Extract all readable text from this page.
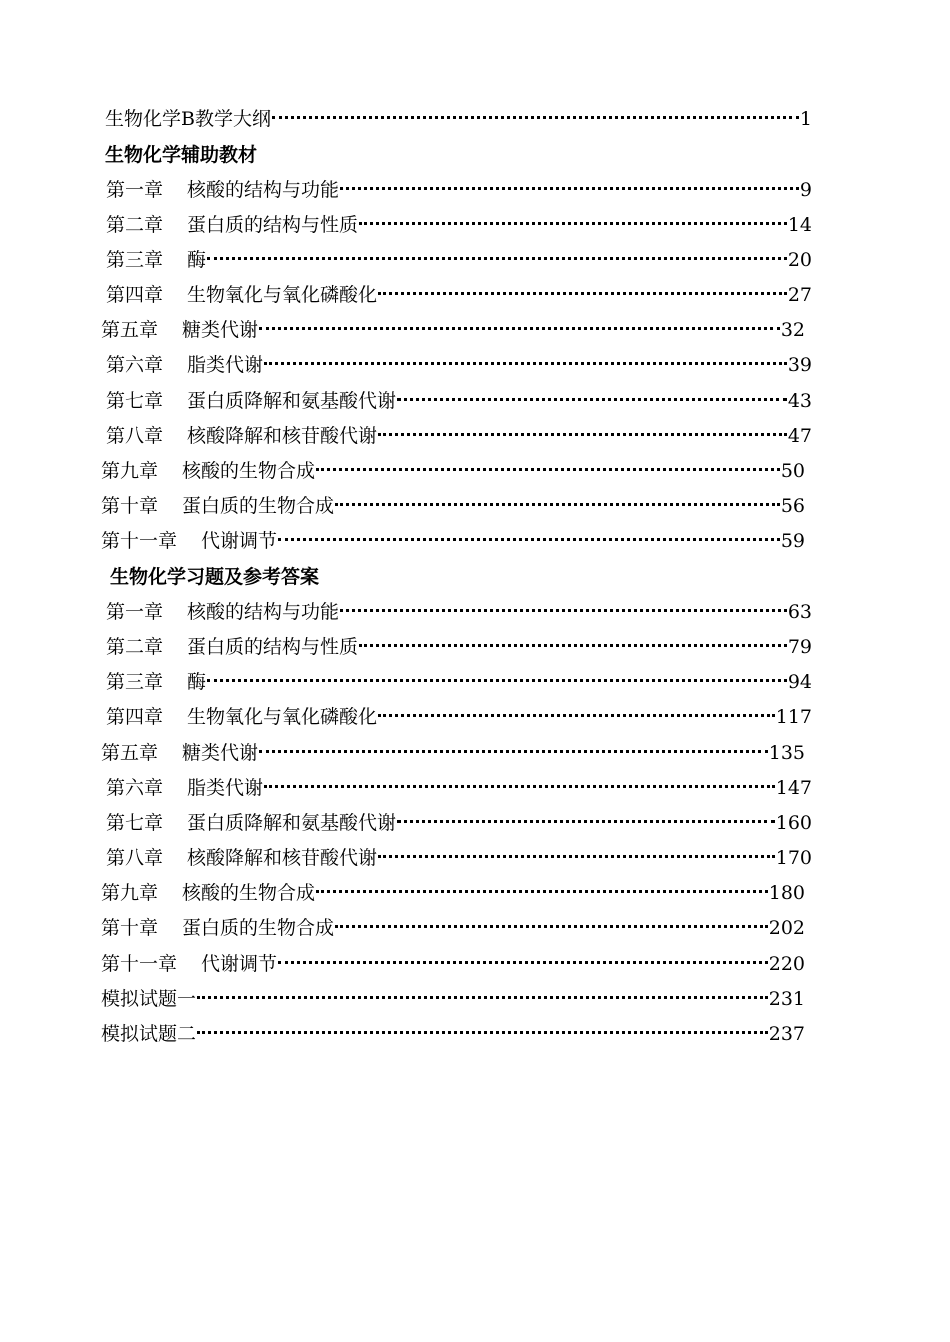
生物化学B教学大纲	1
生物化学辅助教材
第一章 核酸的结构与功能	9
第二章 蛋白质的结构与性质	14
第三章 酶	20
第四章 生物氧化与氧化磷酸化	27
第五章 糖类代谢	32
第六章 脂类代谢	39
第七章 蛋白质降解和氨基酸代谢	43
第八章 核酸降解和核苷酸代谢	47
第九章 核酸的生物合成	50
第十章 蛋白质的生物合成	56
第十一章 代谢调节	59
生物化学习题及参考答案
第一章 核酸的结构与功能	63
第二章 蛋白质的结构与性质	79
第三章 酶	94
第四章 生物氧化与氧化磷酸化	117
第五章 糖类代谢	135
第六章 脂类代谢	147
第七章 蛋白质降解和氨基酸代谢	160
第八章 核酸降解和核苷酸代谢	170
第九章 核酸的生物合成	180
第十章 蛋白质的生物合成	202
第十一章 代谢调节	220
模拟试题一	231
模拟试题二	237
